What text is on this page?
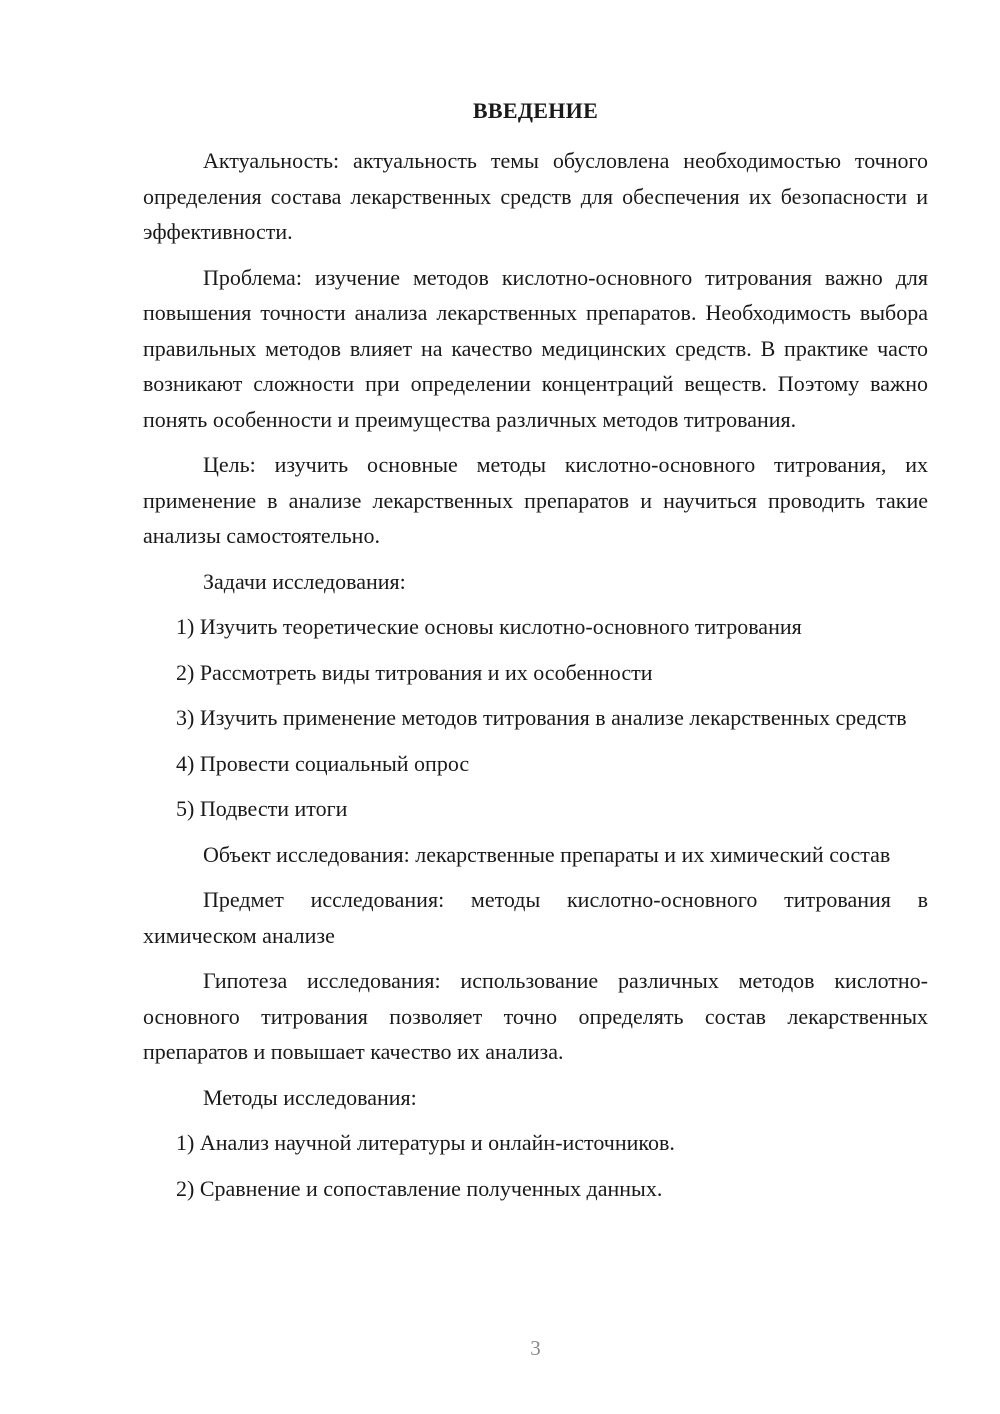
ВВЕДЕНИЕ

Актуальность: актуальность темы обусловлена необходимостью точного определения состава лекарственных средств для обеспечения их безопасности и эффективности.

Проблема: изучение методов кислотно-основного титрования важно для повышения точности анализа лекарственных препаратов. Необходимость выбора правильных методов влияет на качество медицинских средств. В практике часто возникают сложности при определении концентраций веществ. Поэтому важно понять особенности и преимущества различных методов титрования.

Цель: изучить основные методы кислотно-основного титрования, их применение в анализе лекарственных препаратов и научиться проводить такие анализы самостоятельно.

Задачи исследования:

1) Изучить теоретические основы кислотно-основного титрования

2) Рассмотреть виды титрования и их особенности

3) Изучить применение методов титрования в анализе лекарственных средств

4) Провести социальный опрос

5) Подвести итоги

Объект исследования: лекарственные препараты и их химический состав

Предмет исследования: методы кислотно-основного титрования в химическом анализе

Гипотеза исследования: использование различных методов кислотно-основного титрования позволяет точно определять состав лекарственных препаратов и повышает качество их анализа.

Методы исследования:

1) Анализ научной литературы и онлайн-источников.

2) Сравнение и сопоставление полученных данных.

3
